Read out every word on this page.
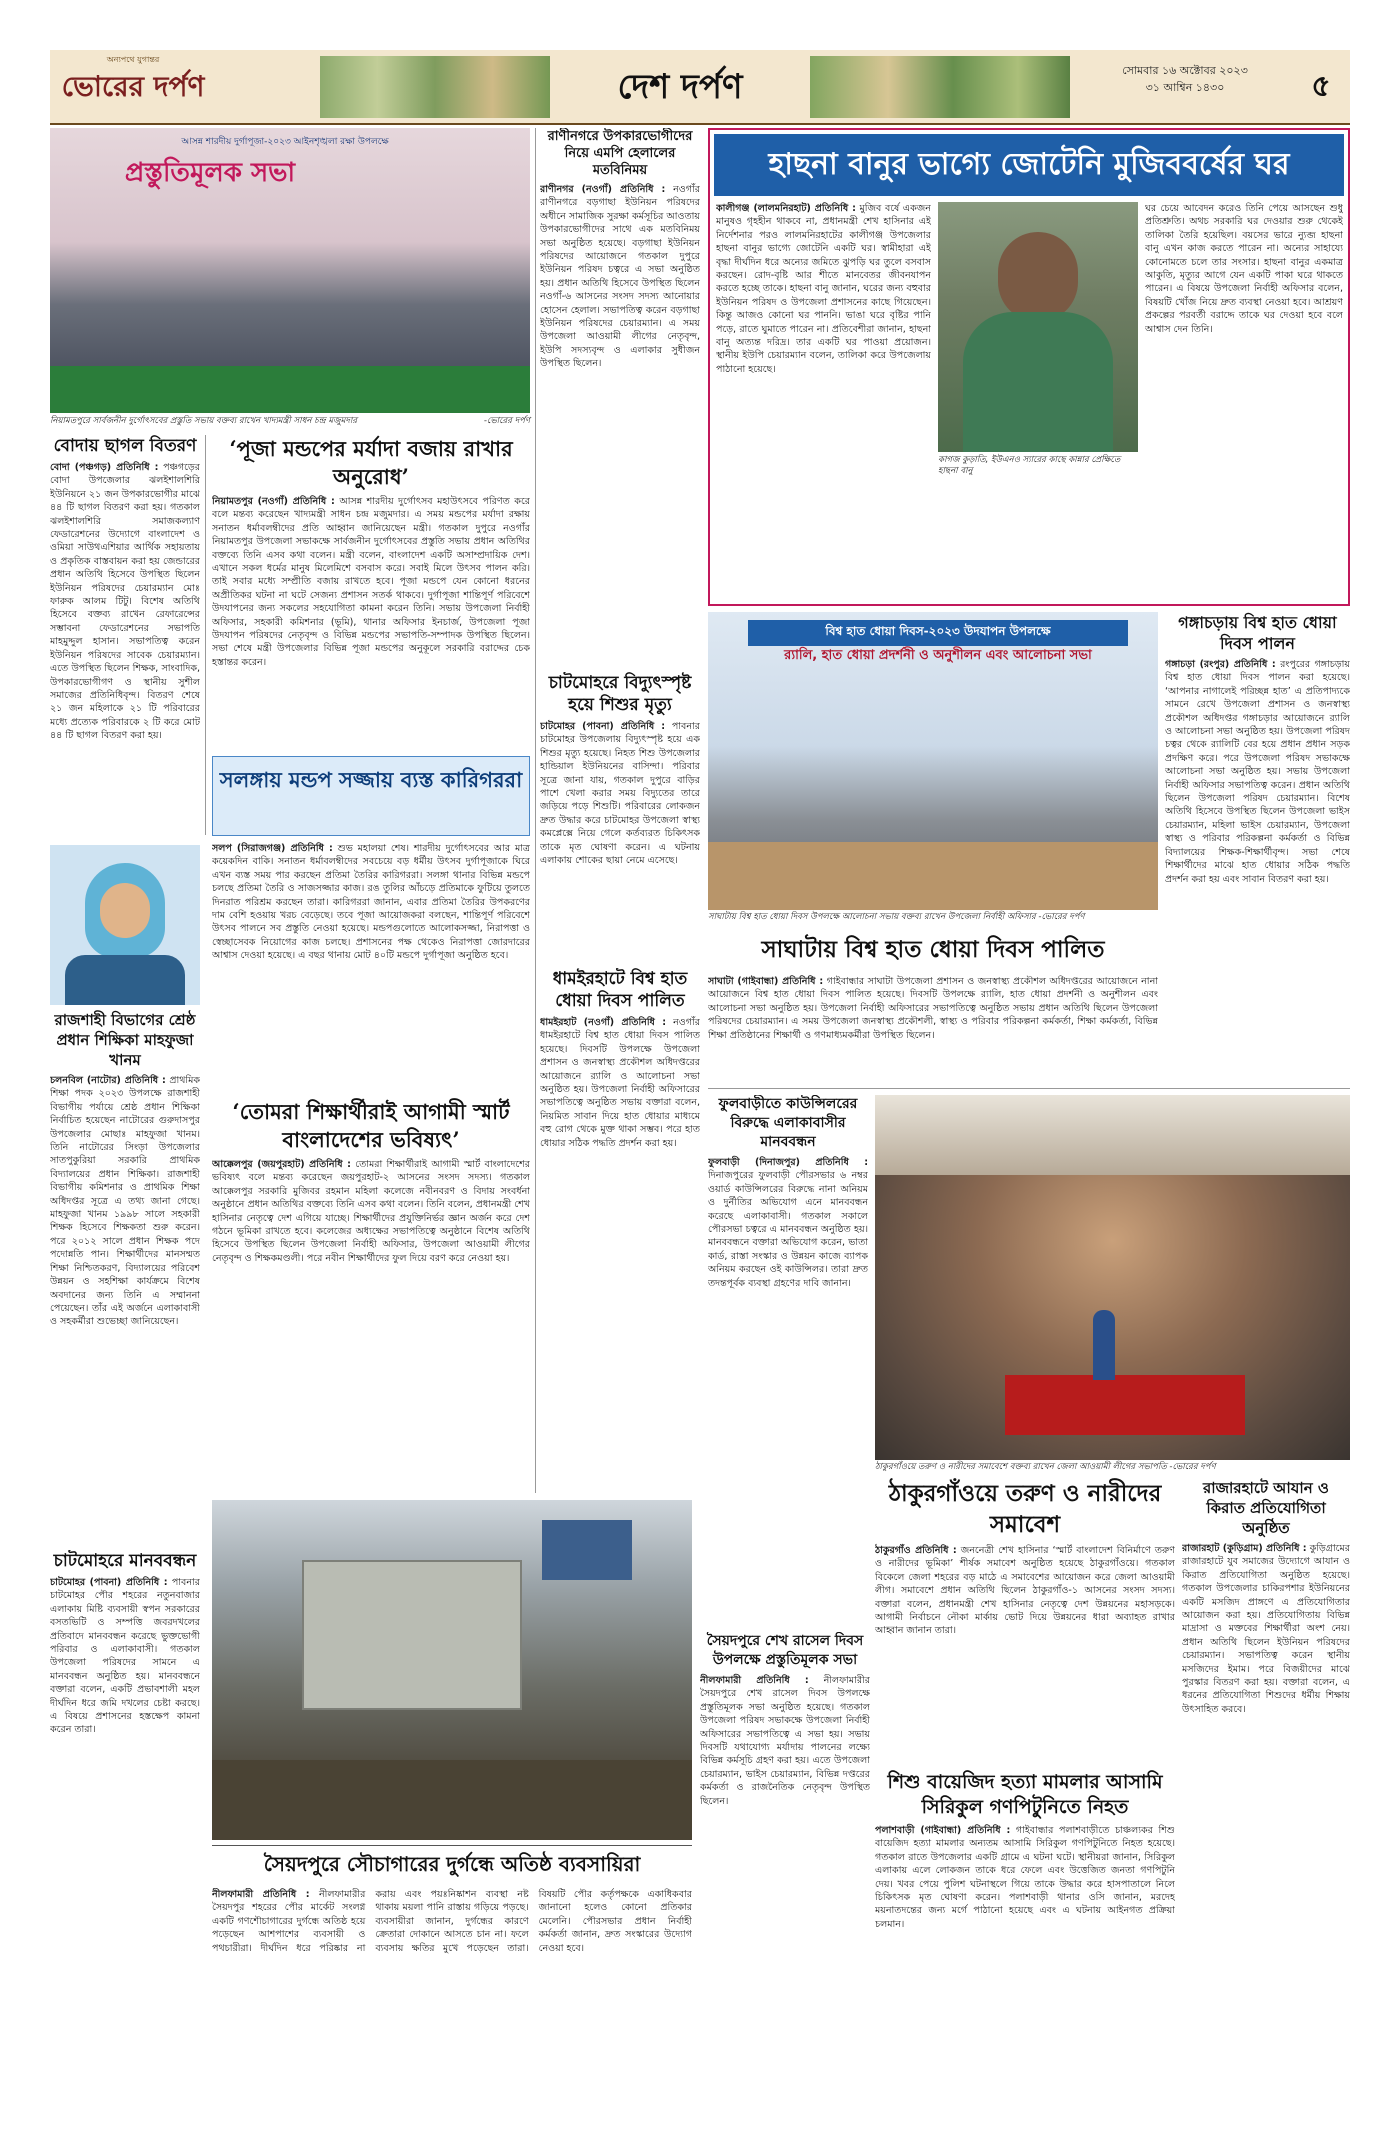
অন্যপথে যুগান্তর
ভোরের দর্পণ	দেশ দর্পণ	সোমবার ১৬ অক্টোবর ২০২৩
৩১ আশ্বিন ১৪৩০	৫
আসন্ন শারদীয় দুর্গাপূজা-২০২৩ আইনশৃঙ্খলা রক্ষা উপলক্ষে
প্রস্তুতিমূলক সভা
নিয়ামতপুরে সার্বজনীন দুর্গোৎসবের প্রস্তুতি সভায় বক্তব্য রাখেন খাদ্যমন্ত্রী সাধন চন্দ্র মজুমদার	-ভোরের দর্পণ
বোদায় ছাগল বিতরণ
বোদা (পঞ্চগড়) প্রতিনিধি : পঞ্চগড়ের বোদা উপজেলার ঝলইশালশিরি ইউনিয়নে ২১ জন উপকারভোগীর মাঝে ৪৪ টি ছাগল বিতরণ করা হয়। গতকাল ঝলইশালশিরি সমাজকল্যাণ ফেডারেশনের উদ্যোগে বাংলাদেশ ও ওমিয়া সাউথএশিয়ার আর্থিক সহায়তায় ও প্রকৃতিক বাস্তবায়ন করা হয় জেন্ডারের প্রধান অতিথি হিসেবে উপস্থিত ছিলেন ইউনিয়ন পরিষদের চেয়ারম্যান মোঃ ফারুক আলম টিটু। বিশেষ অতিথি হিসেবে বক্তব্য রাখেন রেফারেন্সের সম্ভাবনা ফেডারেশনের সভাপতি মাহমুদ্দুল হাসান। সভাপতিত্ব করেন ইউনিয়ন পরিষদের সাবেক চেয়ারম্যান। এতে উপস্থিত ছিলেন শিক্ষক, সাংবাদিক, উপকারভোগীগণ ও স্থানীয় সুশীল সমাজের প্রতিনিধিবৃন্দ। বিতরণ শেষে ২১ জন মহিলাকে ২১ টি পরিবারের মধ্যে প্রত্যেক পরিবারকে ২ টি করে মোট ৪৪ টি ছাগল বিতরণ করা হয়।
‘পূজা মন্ডপের মর্যাদা বজায় রাখার অনুরোধ’
নিয়ামতপুর (নওগাঁ) প্রতিনিধি : আসন্ন শারদীয় দুর্গোৎসব মহাউৎসবে পরিণত করে বলে মন্তব্য করেছেন খাদ্যমন্ত্রী সাধন চন্দ্র মজুমদার। এ সময় মন্ডপের মর্যাদা রক্ষায় সনাতন ধর্মাবলম্বীদের প্রতি আহ্বান জানিয়েছেন মন্ত্রী। গতকাল দুপুরে নওগাঁর নিয়ামতপুর উপজেলা সভাকক্ষে সার্বজনীন দুর্গোৎসবের প্রস্তুতি সভায় প্রধান অতিথির বক্তব্যে তিনি এসব কথা বলেন। মন্ত্রী বলেন, বাংলাদেশ একটি অসাম্প্রদায়িক দেশ। এখানে সকল ধর্মের মানুষ মিলেমিশে বসবাস করে। সবাই মিলে উৎসব পালন করি। তাই সবার মধ্যে সম্প্রীতি বজায় রাখতে হবে। পূজা মন্ডপে যেন কোনো ধরনের অপ্রীতিকর ঘটনা না ঘটে সেজন্য প্রশাসন সতর্ক থাকবে। দুর্গাপূজা শান্তিপূর্ণ পরিবেশে উদযাপনের জন্য সকলের সহযোগিতা কামনা করেন তিনি। সভায় উপজেলা নির্বাহী অফিসার, সহকারী কমিশনার (ভূমি), থানার অফিসার ইনচার্জ, উপজেলা পূজা উদযাপন পরিষদের নেতৃবৃন্দ ও বিভিন্ন মন্ডপের সভাপতি-সম্পাদক উপস্থিত ছিলেন। সভা শেষে মন্ত্রী উপজেলার বিভিন্ন পূজা মন্ডপের অনুকূলে সরকারি বরাদ্দের চেক হস্তান্তর করেন।
সলঙ্গায় মন্ডপ সজ্জায় ব্যস্ত কারিগররা
সলপ (সিরাজগঞ্জ) প্রতিনিধি : শুভ মহালয়া শেষ। শারদীয় দুর্গোৎসবের আর মাত্র কয়েকদিন বাকি। সনাতন ধর্মাবলম্বীদের সবচেয়ে বড় ধর্মীয় উৎসব দুর্গাপূজাকে ঘিরে এখন ব্যস্ত সময় পার করছেন প্রতিমা তৈরির কারিগররা। সলঙ্গা থানার বিভিন্ন মন্ডপে চলছে প্রতিমা তৈরি ও সাজসজ্জার কাজ। রঙ তুলির আঁচড়ে প্রতিমাকে ফুটিয়ে তুলতে দিনরাত পরিশ্রম করছেন তারা। কারিগররা জানান, এবার প্রতিমা তৈরির উপকরণের দাম বেশি হওয়ায় খরচ বেড়েছে। তবে পূজা আয়োজকরা বলছেন, শান্তিপূর্ণ পরিবেশে উৎসব পালনে সব প্রস্তুতি নেওয়া হয়েছে। মন্ডপগুলোতে আলোকসজ্জা, নিরাপত্তা ও স্বেচ্ছাসেবক নিয়োগের কাজ চলছে। প্রশাসনের পক্ষ থেকেও নিরাপত্তা জোরদারের আশ্বাস দেওয়া হয়েছে। এ বছর থানায় মোট ৪০টি মন্ডপে দুর্গাপূজা অনুষ্ঠিত হবে।
রাজশাহী বিভাগের শ্রেষ্ঠ প্রধান শিক্ষিকা মাহফুজা খানম
চলনবিল (নাটোর) প্রতিনিধি : প্রাথমিক শিক্ষা পদক ২০২৩ উপলক্ষে রাজশাহী বিভাগীয় পর্যায়ে শ্রেষ্ঠ প্রধান শিক্ষিকা নির্বাচিত হয়েছেন নাটোরের গুরুদাসপুর উপজেলার মোছাঃ মাহফুজা খানম। তিনি নাটোরের সিংড়া উপজেলার সাতপুকুরিয়া সরকারি প্রাথমিক বিদ্যালয়ের প্রধান শিক্ষিকা। রাজশাহী বিভাগীয় কমিশনার ও প্রাথমিক শিক্ষা অধিদপ্তর সূত্রে এ তথ্য জানা গেছে। মাহফুজা খানম ১৯৯৮ সালে সহকারী শিক্ষক হিসেবে শিক্ষকতা শুরু করেন। পরে ২০১২ সালে প্রধান শিক্ষক পদে পদোন্নতি পান। শিক্ষার্থীদের মানসম্মত শিক্ষা নিশ্চিতকরণ, বিদ্যালয়ের পরিবেশ উন্নয়ন ও সহশিক্ষা কার্যক্রমে বিশেষ অবদানের জন্য তিনি এ সম্মাননা পেয়েছেন। তাঁর এই অর্জনে এলাকাবাসী ও সহকর্মীরা শুভেচ্ছা জানিয়েছেন।
‘তোমরা শিক্ষার্থীরাই আগামী স্মার্ট বাংলাদেশের ভবিষ্যৎ’
আক্কেলপুর (জয়পুরহাট) প্রতিনিধি : তোমরা শিক্ষার্থীরাই আগামী স্মার্ট বাংলাদেশের ভবিষ্যৎ বলে মন্তব্য করেছেন জয়পুরহাট-২ আসনের সংসদ সদস্য। গতকাল আক্কেলপুর সরকারি মুজিবর রহমান মহিলা কলেজে নবীনবরণ ও বিদায় সংবর্ধনা অনুষ্ঠানে প্রধান অতিথির বক্তব্যে তিনি এসব কথা বলেন। তিনি বলেন, প্রধানমন্ত্রী শেখ হাসিনার নেতৃত্বে দেশ এগিয়ে যাচ্ছে। শিক্ষার্থীদের প্রযুক্তিনির্ভর জ্ঞান অর্জন করে দেশ গঠনে ভূমিকা রাখতে হবে। কলেজের অধ্যক্ষের সভাপতিত্বে অনুষ্ঠানে বিশেষ অতিথি হিসেবে উপস্থিত ছিলেন উপজেলা নির্বাহী অফিসার, উপজেলা আওয়ামী লীগের নেতৃবৃন্দ ও শিক্ষকমণ্ডলী। পরে নবীন শিক্ষার্থীদের ফুল দিয়ে বরণ করে নেওয়া হয়।
চাটমোহরে মানববন্ধন
চাটমোহর (পাবনা) প্রতিনিধি : পাবনার চাটমোহর পৌর শহরের নতুনবাজার এলাকায় মিষ্টি ব্যবসায়ী স্বপন সরকারের বসতভিটি ও সম্পত্তি জবরদখলের প্রতিবাদে মানববন্ধন করেছে ভুক্তভোগী পরিবার ও এলাকাবাসী। গতকাল উপজেলা পরিষদের সামনে এ মানববন্ধন অনুষ্ঠিত হয়। মানববন্ধনে বক্তারা বলেন, একটি প্রভাবশালী মহল দীর্ঘদিন ধরে জমি দখলের চেষ্টা করছে। এ বিষয়ে প্রশাসনের হস্তক্ষেপ কামনা করেন তারা।
সৈয়দপুরে সৌচাগারের দুর্গন্ধে অতিষ্ঠ ব্যবসায়িরা
নীলফামারী প্রতিনিধি : নীলফামারীর সৈয়দপুর শহরের পৌর মার্কেট সংলগ্ন একটি গণশৌচাগারের দুর্গন্ধে অতিষ্ঠ হয়ে পড়েছেন আশপাশের ব্যবসায়ী ও পথচারীরা। দীর্ঘদিন ধরে পরিষ্কার না করায় এবং পয়ঃনিষ্কাশন ব্যবস্থা নষ্ট থাকায় ময়লা পানি রাস্তায় গড়িয়ে পড়ছে। ব্যবসায়ীরা জানান, দুর্গন্ধের কারণে ক্রেতারা দোকানে আসতে চান না। ফলে ব্যবসায় ক্ষতির মুখে পড়েছেন তারা। বিষয়টি পৌর কর্তৃপক্ষকে একাধিকবার জানানো হলেও কোনো প্রতিকার মেলেনি। পৌরসভার প্রধান নির্বাহী কর্মকর্তা জানান, দ্রুত সংস্কারের উদ্যোগ নেওয়া হবে।
রাণীনগরে উপকারভোগীদের নিয়ে এমপি হেলালের মতবিনিময়
রাণীনগর (নওগাঁ) প্রতিনিধি : নওগাঁর রাণীনগরে বড়গাছা ইউনিয়ন পরিষদের অধীনে সামাজিক সুরক্ষা কর্মসূচির আওতায় উপকারভোগীদের সাথে এক মতবিনিময় সভা অনুষ্ঠিত হয়েছে। বড়গাছা ইউনিয়ন পরিষদের আয়োজনে গতকাল দুপুরে ইউনিয়ন পরিষদ চত্বরে এ সভা অনুষ্ঠিত হয়। প্রধান অতিথি হিসেবে উপস্থিত ছিলেন নওগাঁ-৬ আসনের সংসদ সদস্য আনোয়ার হোসেন হেলাল। সভাপতিত্ব করেন বড়গাছা ইউনিয়ন পরিষদের চেয়ারম্যান। এ সময় উপজেলা আওয়ামী লীগের নেতৃবৃন্দ, ইউপি সদস্যবৃন্দ ও এলাকার সুধীজন উপস্থিত ছিলেন।
চাটমোহরে বিদ্যুৎস্পৃষ্ট হয়ে শিশুর মৃত্যু
চাটমোহর (পাবনা) প্রতিনিধি : পাবনার চাটমোহর উপজেলায় বিদ্যুৎস্পৃষ্ট হয়ে এক শিশুর মৃত্যু হয়েছে। নিহত শিশু উপজেলার হান্ডিয়াল ইউনিয়নের বাসিন্দা। পরিবার সূত্রে জানা যায়, গতকাল দুপুরে বাড়ির পাশে খেলা করার সময় বিদ্যুতের তারে জড়িয়ে পড়ে শিশুটি। পরিবারের লোকজন দ্রুত উদ্ধার করে চাটমোহর উপজেলা স্বাস্থ্য কমপ্লেক্সে নিয়ে গেলে কর্তব্যরত চিকিৎসক তাকে মৃত ঘোষণা করেন। এ ঘটনায় এলাকায় শোকের ছায়া নেমে এসেছে।
ধামইরহাটে বিশ্ব হাত ধোয়া দিবস পালিত
ধামইরহাট (নওগাঁ) প্রতিনিধি : নওগাঁর ধামইরহাটে বিশ্ব হাত ধোয়া দিবস পালিত হয়েছে। দিবসটি উপলক্ষে উপজেলা প্রশাসন ও জনস্বাস্থ্য প্রকৌশল অধিদপ্তরের আয়োজনে র‍্যালি ও আলোচনা সভা অনুষ্ঠিত হয়। উপজেলা নির্বাহী অফিসারের সভাপতিত্বে অনুষ্ঠিত সভায় বক্তারা বলেন, নিয়মিত সাবান দিয়ে হাত ধোয়ার মাধ্যমে বহু রোগ থেকে মুক্ত থাকা সম্ভব। পরে হাত ধোয়ার সঠিক পদ্ধতি প্রদর্শন করা হয়।
হাছনা বানুর ভাগ্যে জোটেনি মুজিববর্ষের ঘর
কালীগঞ্জ (লালমনিরহাট) প্রতিনিধি : মুজিব বর্ষে একজন মানুষও গৃহহীন থাকবে না, প্রধানমন্ত্রী শেখ হাসিনার এই নির্দেশনার পরও লালমনিরহাটের কালীগঞ্জ উপজেলার হাছনা বানুর ভাগ্যে জোটেনি একটি ঘর। স্বামীহারা এই বৃদ্ধা দীর্ঘদিন ধরে অন্যের জমিতে ঝুপড়ি ঘর তুলে বসবাস করছেন। রোদ-বৃষ্টি আর শীতে মানবেতর জীবনযাপন করতে হচ্ছে তাকে। হাছনা বানু জানান, ঘরের জন্য বহুবার ইউনিয়ন পরিষদ ও উপজেলা প্রশাসনের কাছে গিয়েছেন। কিন্তু আজও কোনো ঘর পাননি। ভাঙা ঘরে বৃষ্টির পানি পড়ে, রাতে ঘুমাতে পারেন না। প্রতিবেশীরা জানান, হাছনা বানু অত্যন্ত দরিদ্র। তার একটি ঘর পাওয়া প্রয়োজন। স্থানীয় ইউপি চেয়ারম্যান বলেন, তালিকা করে উপজেলায় পাঠানো হয়েছে।
কাগজ কুড়াতি, ইউএনও স্যারের কাছে কান্নার প্রেক্ষিতে হাছনা বানু
ঘর চেয়ে আবেদন করেও তিনি পেয়ে আসছেন শুধু প্রতিশ্রুতি। অথচ সরকারি ঘর দেওয়ার শুরু থেকেই তালিকা তৈরি হয়েছিল। বয়সের ভারে ন্যুব্জ হাছনা বানু এখন কাজ করতে পারেন না। অন্যের সাহায্যে কোনোমতে চলে তার সংসার। হাছনা বানুর একমাত্র আকুতি, মৃত্যুর আগে যেন একটি পাকা ঘরে থাকতে পারেন। এ বিষয়ে উপজেলা নির্বাহী অফিসার বলেন, বিষয়টি খোঁজ নিয়ে দ্রুত ব্যবস্থা নেওয়া হবে। আশ্রয়ণ প্রকল্পের পরবর্তী বরাদ্দে তাকে ঘর দেওয়া হবে বলে আশ্বাস দেন তিনি।
বিশ্ব হাত ধোয়া দিবস-২০২৩ উদযাপন উপলক্ষে
র‍্যালি, হাত ধোয়া প্রদর্শনী ও অনুশীলন এবং আলোচনা সভা
সাঘাটায় বিশ্ব হাত ধোয়া দিবস উপলক্ষে আলোচনা সভায় বক্তব্য রাখেন উপজেলা নির্বাহী অফিসার -ভোরের দর্পণ
সাঘাটায় বিশ্ব হাত ধোয়া দিবস পালিত
সাঘাটা (গাইবান্ধা) প্রতিনিধি : গাইবান্ধার সাঘাটা উপজেলা প্রশাসন ও জনস্বাস্থ্য প্রকৌশল অধিদপ্তরের আয়োজনে নানা আয়োজনে বিশ্ব হাত ধোয়া দিবস পালিত হয়েছে। দিবসটি উপলক্ষে র‍্যালি, হাত ধোয়া প্রদর্শনী ও অনুশীলন এবং আলোচনা সভা অনুষ্ঠিত হয়। উপজেলা নির্বাহী অফিসারের সভাপতিত্বে অনুষ্ঠিত সভায় প্রধান অতিথি ছিলেন উপজেলা পরিষদের চেয়ারম্যান। এ সময় উপজেলা জনস্বাস্থ্য প্রকৌশলী, স্বাস্থ্য ও পরিবার পরিকল্পনা কর্মকর্তা, শিক্ষা কর্মকর্তা, বিভিন্ন শিক্ষা প্রতিষ্ঠানের শিক্ষার্থী ও গণমাধ্যমকর্মীরা উপস্থিত ছিলেন।
গঙ্গাচড়ায় বিশ্ব হাত ধোয়া দিবস পালন
গঙ্গাচড়া (রংপুর) প্রতিনিধি : রংপুরের গঙ্গাচড়ায় বিশ্ব হাত ধোয়া দিবস পালন করা হয়েছে। ‘আপনার নাগালেই পরিচ্ছন্ন হাত’ এ প্রতিপাদ্যকে সামনে রেখে উপজেলা প্রশাসন ও জনস্বাস্থ্য প্রকৌশল অধিদপ্তর গঙ্গাচড়ার আয়োজনে র‍্যালি ও আলোচনা সভা অনুষ্ঠিত হয়। উপজেলা পরিষদ চত্বর থেকে র‍্যালিটি বের হয়ে প্রধান প্রধান সড়ক প্রদক্ষিণ করে। পরে উপজেলা পরিষদ সভাকক্ষে আলোচনা সভা অনুষ্ঠিত হয়। সভায় উপজেলা নির্বাহী অফিসার সভাপতিত্ব করেন। প্রধান অতিথি ছিলেন উপজেলা পরিষদ চেয়ারম্যান। বিশেষ অতিথি হিসেবে উপস্থিত ছিলেন উপজেলা ভাইস চেয়ারম্যান, মহিলা ভাইস চেয়ারম্যান, উপজেলা স্বাস্থ্য ও পরিবার পরিকল্পনা কর্মকর্তা ও বিভিন্ন বিদ্যালয়ের শিক্ষক-শিক্ষার্থীবৃন্দ। সভা শেষে শিক্ষার্থীদের মাঝে হাত ধোয়ার সঠিক পদ্ধতি প্রদর্শন করা হয় এবং সাবান বিতরণ করা হয়।
ফুলবাড়ীতে কাউন্সিলরের বিরুদ্ধে এলাকাবাসীর মানববন্ধন
ফুলবাড়ী (দিনাজপুর) প্রতিনিধি : দিনাজপুরের ফুলবাড়ী পৌরসভার ৬ নম্বর ওয়ার্ড কাউন্সিলরের বিরুদ্ধে নানা অনিয়ম ও দুর্নীতির অভিযোগ এনে মানববন্ধন করেছে এলাকাবাসী। গতকাল সকালে পৌরসভা চত্বরে এ মানববন্ধন অনুষ্ঠিত হয়। মানববন্ধনে বক্তারা অভিযোগ করেন, ভাতা কার্ড, রাস্তা সংস্কার ও উন্নয়ন কাজে ব্যাপক অনিয়ম করছেন ওই কাউন্সিলর। তারা দ্রুত তদন্তপূর্বক ব্যবস্থা গ্রহণের দাবি জানান।
ঠাকুরগাঁওয়ে তরুণ ও নারীদের সমাবেশে বক্তব্য রাখেন জেলা আওয়ামী লীগের সভাপতি -ভোরের দর্পণ
ঠাকুরগাঁওয়ে তরুণ ও নারীদের সমাবেশ
ঠাকুরগাঁও প্রতিনিধি : জননেত্রী শেখ হাসিনার ‘স্মার্ট বাংলাদেশ বিনির্মাণে তরুণ ও নারীদের ভূমিকা’ শীর্ষক সমাবেশ অনুষ্ঠিত হয়েছে ঠাকুরগাঁওয়ে। গতকাল বিকেলে জেলা শহরের বড় মাঠে এ সমাবেশের আয়োজন করে জেলা আওয়ামী লীগ। সমাবেশে প্রধান অতিথি ছিলেন ঠাকুরগাঁও-১ আসনের সংসদ সদস্য। বক্তারা বলেন, প্রধানমন্ত্রী শেখ হাসিনার নেতৃত্বে দেশ উন্নয়নের মহাসড়কে। আগামী নির্বাচনে নৌকা মার্কায় ভোট দিয়ে উন্নয়নের ধারা অব্যাহত রাখার আহ্বান জানান তারা।
রাজারহাটে আযান ও কিরাত প্রতিযোগিতা অনুষ্ঠিত
রাজারহাট (কুড়িগ্রাম) প্রতিনিধি : কুড়িগ্রামের রাজারহাটে যুব সমাজের উদ্যোগে আযান ও কিরাত প্রতিযোগিতা অনুষ্ঠিত হয়েছে। গতকাল উপজেলার চাকিরপশার ইউনিয়নের একটি মসজিদ প্রাঙ্গণে এ প্রতিযোগিতার আয়োজন করা হয়। প্রতিযোগিতায় বিভিন্ন মাদ্রাসা ও মক্তবের শিক্ষার্থীরা অংশ নেয়। প্রধান অতিথি ছিলেন ইউনিয়ন পরিষদের চেয়ারম্যান। সভাপতিত্ব করেন স্থানীয় মসজিদের ইমাম। পরে বিজয়ীদের মাঝে পুরস্কার বিতরণ করা হয়। বক্তারা বলেন, এ ধরনের প্রতিযোগিতা শিশুদের ধর্মীয় শিক্ষায় উৎসাহিত করবে।
সৈয়দপুরে শেখ রাসেল দিবস উপলক্ষে প্রস্তুতিমূলক সভা
নীলফামারী প্রতিনিধি : নীলফামারীর সৈয়দপুরে শেখ রাসেল দিবস উপলক্ষে প্রস্তুতিমূলক সভা অনুষ্ঠিত হয়েছে। গতকাল উপজেলা পরিষদ সভাকক্ষে উপজেলা নির্বাহী অফিসারের সভাপতিত্বে এ সভা হয়। সভায় দিবসটি যথাযোগ্য মর্যাদায় পালনের লক্ষ্যে বিভিন্ন কর্মসূচি গ্রহণ করা হয়। এতে উপজেলা চেয়ারম্যান, ভাইস চেয়ারম্যান, বিভিন্ন দপ্তরের কর্মকর্তা ও রাজনৈতিক নেতৃবৃন্দ উপস্থিত ছিলেন।
শিশু বায়েজিদ হত্যা মামলার আসামি সিরিকুল গণপিটুনিতে নিহত
পলাশবাড়ী (গাইবান্ধা) প্রতিনিধি : গাইবান্ধার পলাশবাড়ীতে চাঞ্চল্যকর শিশু বায়েজিদ হত্যা মামলার অন্যতম আসামি সিরিকুল গণপিটুনিতে নিহত হয়েছে। গতকাল রাতে উপজেলার একটি গ্রামে এ ঘটনা ঘটে। স্থানীয়রা জানান, সিরিকুল এলাকায় এলে লোকজন তাকে ধরে ফেলে এবং উত্তেজিত জনতা গণপিটুনি দেয়। খবর পেয়ে পুলিশ ঘটনাস্থলে গিয়ে তাকে উদ্ধার করে হাসপাতালে নিলে চিকিৎসক মৃত ঘোষণা করেন। পলাশবাড়ী থানার ওসি জানান, মরদেহ ময়নাতদন্তের জন্য মর্গে পাঠানো হয়েছে এবং এ ঘটনায় আইনগত প্রক্রিয়া চলমান।
